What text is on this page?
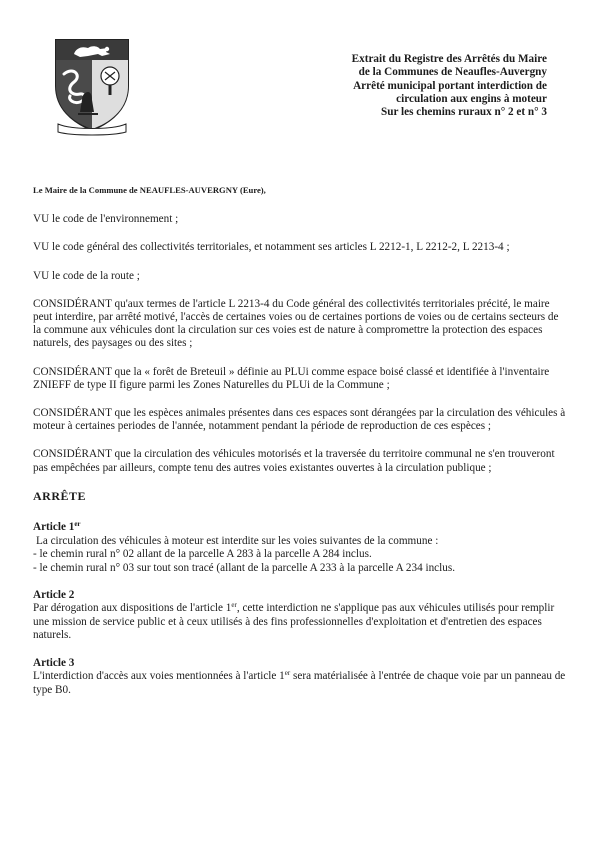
Extrait du Registre des Arrêtés du Maire
de la Communes de Neaufles-Auvergny
Arrêté municipal portant interdiction de
circulation aux engins à moteur
Sur les chemins ruraux n° 2 et n° 3
Le Maire de la Commune de NEAUFLES-AUVERGNY (Eure),

VU le code de l'environnement ;

VU le code général des collectivités territoriales, et notamment ses articles L 2212-1, L 2212-2, L 2213-4 ;

VU le code de la route ;

CONSIDÉRANT qu'aux termes de l'article L 2213-4 du Code général des collectivités territoriales précité, le maire peut interdire, par arrêté motivé, l'accès de certaines voies ou de certaines portions de voies ou de certains secteurs de la commune aux véhicules dont la circulation sur ces voies est de nature à compromettre la protection des espaces naturels, des paysages ou des sites ;

CONSIDÉRANT que la « forêt de Breteuil » définie au PLUi comme espace boisé classé et identifiée à l'inventaire ZNIEFF de type II figure parmi les Zones Naturelles du PLUi de la Commune ;

CONSIDÉRANT que les espèces animales présentes dans ces espaces sont dérangées par la circulation des véhicules à moteur à certaines periodes de l'année, notamment pendant la période de reproduction de ces espèces ;

CONSIDÉRANT que la circulation des véhicules motorisés et la traversée du territoire communal ne s'en trouveront pas empêchées par ailleurs, compte tenu des autres voies existantes ouvertes à la circulation publique ;

ARRÊTE
Article 1er
La circulation des véhicules à moteur est interdite sur les voies suivantes de la commune :
- le chemin rural n° 02 allant de la parcelle A 283 à la parcelle A 284 inclus.
- le chemin rural n° 03 sur tout son tracé (allant de la parcelle A 233 à la parcelle A 234 inclus.
Article 2
Par dérogation aux dispositions de l'article 1er, cette interdiction ne s'applique pas aux véhicules utilisés pour remplir une mission de service public et à ceux utilisés à des fins professionnelles d'exploitation et d'entretien des espaces naturels.
Article 3
L'interdiction d'accès aux voies mentionnées à l'article 1er sera matérialisée à l'entrée de chaque voie par un panneau de type B0.
